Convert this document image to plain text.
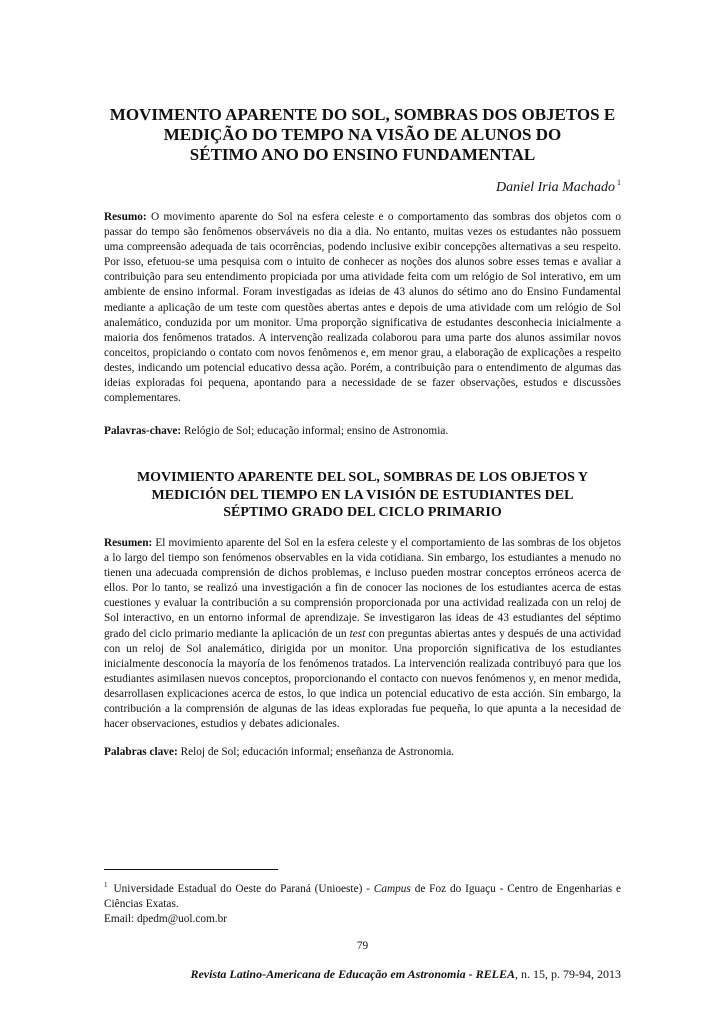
MOVIMENTO APARENTE DO SOL, SOMBRAS DOS OBJETOS E
MEDIÇÃO DO TEMPO NA VISÃO DE ALUNOS DO
SÉTIMO ANO DO ENSINO FUNDAMENTAL
Daniel Iria Machado $^1$

Resumo: O movimento aparente do Sol na esfera celeste e o comportamento das sombras dos objetos com o passar do tempo são fenômenos observáveis no dia a dia. No entanto, muitas vezes os estudantes não possuem uma compreensão adequada de tais ocorrências, podendo inclusive exibir concepções alternativas a seu respeito. Por isso, efetuou-se uma pesquisa com o intuito de conhecer as noções dos alunos sobre esses temas e avaliar a contribuição para seu entendimento propiciada por uma atividade feita com um relógio de Sol interativo, em um ambiente de ensino informal. Foram investigadas as ideias de 43 alunos do sétimo ano do Ensino Fundamental mediante a aplicação de um teste com questões abertas antes e depois de uma atividade com um relógio de Sol analemático, conduzida por um monitor. Uma proporção significativa de estudantes desconhecia inicialmente a maioria dos fenômenos tratados. A intervenção realizada colaborou para uma parte dos alunos assimilar novos conceitos, propiciando o contato com novos fenômenos e, em menor grau, a elaboração de explicações a respeito destes, indicando um potencial educativo dessa ação. Porém, a contribuição para o entendimento de algumas das ideias exploradas foi pequena, apontando para a necessidade de se fazer observações, estudos e discussões complementares.

Palavras-chave: Relógio de Sol; educação informal; ensino de Astronomia.

MOVIMIENTO APARENTE DEL SOL, SOMBRAS DE LOS OBJETOS Y
MEDICIÓN DEL TIEMPO EN LA VISIÓN DE ESTUDIANTES DEL
SÉPTIMO GRADO DEL CICLO PRIMARIO

Resumen: El movimiento aparente del Sol en la esfera celeste y el comportamiento de las sombras de los objetos a lo largo del tiempo son fenómenos observables en la vida cotidiana. Sin embargo, los estudiantes a menudo no tienen una adecuada comprensión de dichos problemas, e incluso pueden mostrar conceptos erróneos acerca de ellos. Por lo tanto, se realizó una investigación a fin de conocer las nociones de los estudiantes acerca de estas cuestiones y evaluar la contribución a su comprensión proporcionada por una actividad realizada con un reloj de Sol interactivo, en un entorno informal de aprendizaje. Se investigaron las ideas de 43 estudiantes del séptimo grado del ciclo primario mediante la aplicación de un test con preguntas abiertas antes y después de una actividad con un reloj de Sol analemático, dirigida por un monitor. Una proporción significativa de los estudiantes inicialmente desconocía la mayoría de los fenómenos tratados. La intervención realizada contribuyó para que los estudiantes asimilasen nuevos conceptos, proporcionando el contacto con nuevos fenómenos y, en menor medida, desarrollasen explicaciones acerca de estos, lo que indica un potencial educativo de esta acción. Sin embargo, la contribución a la comprensión de algunas de las ideas exploradas fue pequeña, lo que apunta a la necesidad de hacer observaciones, estudios y debates adicionales.

Palabras clave: Reloj de Sol; educación informal; enseñanza de Astronomia.

$^1$ Universidade Estadual do Oeste do Paraná (Unioeste) - Campus de Foz do Iguaçu - Centro de Engenharias e Ciências Exatas.
Email: dpedm@uol.com.br

79
Revista Latino-Americana de Educação em Astronomia - RELEA, n. 15, p. 79-94, 2013
